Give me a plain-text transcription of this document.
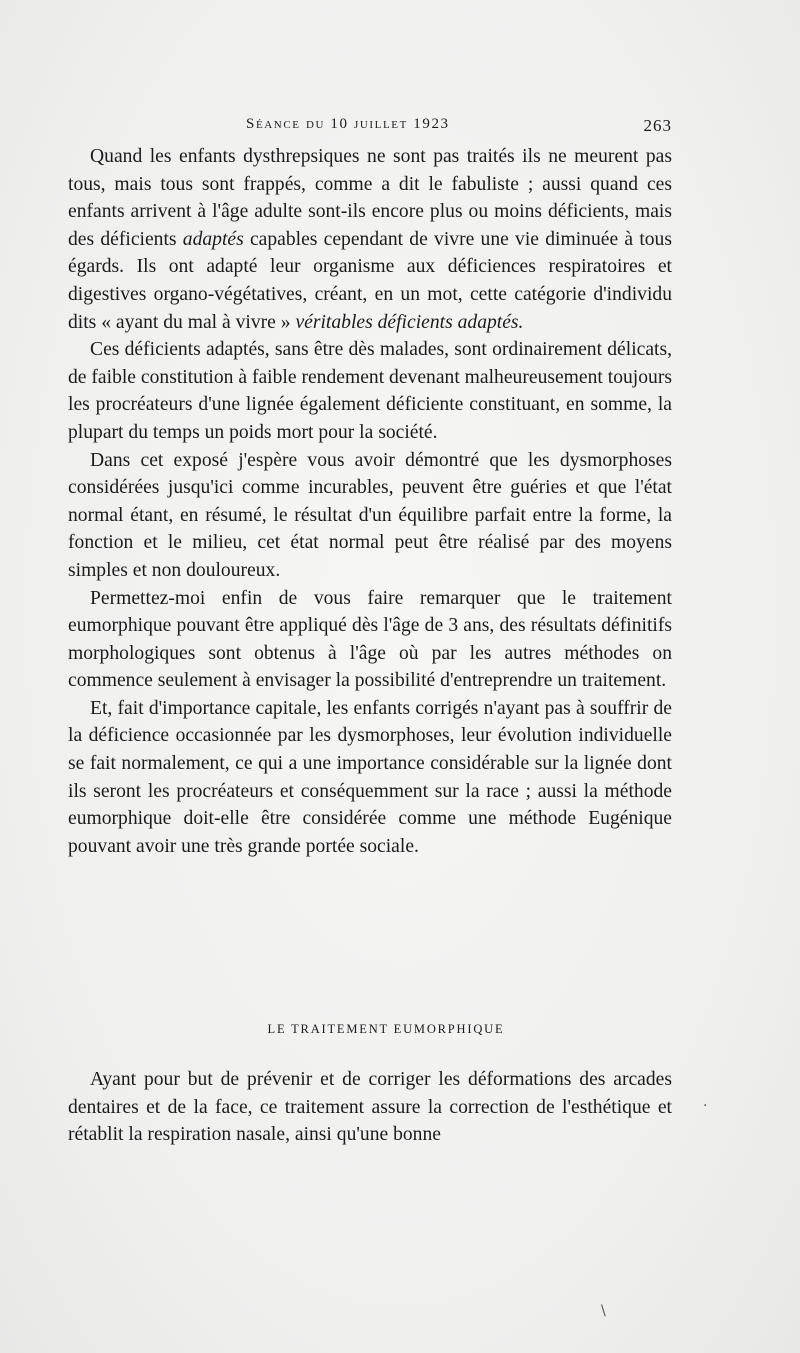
Séance du 10 juillet 1923	263

Quand les enfants dysthrepsiques ne sont pas traités ils ne meurent pas tous, mais tous sont frappés, comme a dit le fabuliste ; aussi quand ces enfants arrivent à l'âge adulte sont-ils encore plus ou moins déficients, mais des déficients adaptés capables cependant de vivre une vie diminuée à tous égards. Ils ont adapté leur organisme aux déficiences respiratoires et digestives organo-végétatives, créant, en un mot, cette catégorie d'individu dits « ayant du mal à vivre » véritables déficients adaptés.

Ces déficients adaptés, sans être dès malades, sont ordinairement délicats, de faible constitution à faible rendement devenant malheureusement toujours les procréateurs d'une lignée également déficiente constituant, en somme, la plupart du temps un poids mort pour la société.

Dans cet exposé j'espère vous avoir démontré que les dysmorphoses considérées jusqu'ici comme incurables, peuvent être guéries et que l'état normal étant, en résumé, le résultat d'un équilibre parfait entre la forme, la fonction et le milieu, cet état normal peut être réalisé par des moyens simples et non douloureux.

Permettez-moi enfin de vous faire remarquer que le traitement eumorphique pouvant être appliqué dès l'âge de 3 ans, des résultats définitifs morphologiques sont obtenus à l'âge où par les autres méthodes on commence seulement à envisager la possibilité d'entreprendre un traitement.

Et, fait d'importance capitale, les enfants corrigés n'ayant pas à souffrir de la déficience occasionnée par les dysmorphoses, leur évolution individuelle se fait normalement, ce qui a une importance considérable sur la lignée dont ils seront les procréateurs et conséquemment sur la race ; aussi la méthode eumorphique doit-elle être considérée comme une méthode Eugénique pouvant avoir une très grande portée sociale.

LE TRAITEMENT EUMORPHIQUE

Ayant pour but de prévenir et de corriger les déformations des arcades dentaires et de la face, ce traitement assure la correction de l'esthétique et rétablit la respiration nasale, ainsi qu'une bonne

·
\
